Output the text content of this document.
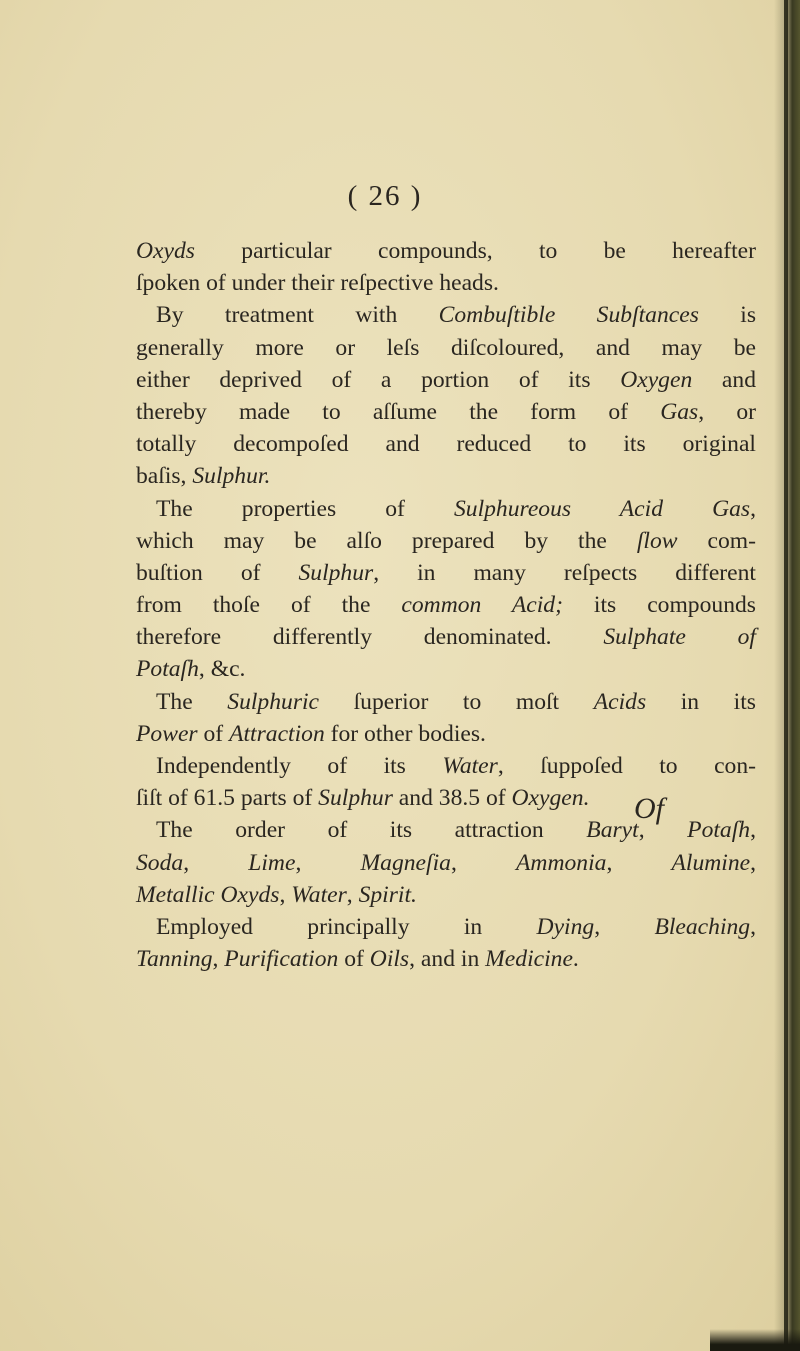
( 26 )
Oxyds particular compounds, to be hereafter
ſpoken of under their reſpective heads.
By treatment with Combuſtible Subſtances is
generally more or leſs diſcoloured, and may be
either deprived of a portion of its Oxygen and
thereby made to aſſume the form of Gas, or
totally decompoſed and reduced to its original
baſis, Sulphur.
The properties of Sulphureous Acid Gas,
which may be alſo prepared by the ſlow com-
buſtion of Sulphur, in many reſpects different
from thoſe of the common Acid; its compounds
therefore differently denominated. Sulphate of
Potaſh, &c.
The Sulphuric ſuperior to moſt Acids in its
Power of Attraction for other bodies.
Independently of its Water, ſuppoſed to con-
ſiſt of 61.5 parts of Sulphur and 38.5 of Oxygen.
The order of its attraction Baryt, Potaſh,
Soda, Lime, Magneſia, Ammonia, Alumine,
Metallic Oxyds, Water, Spirit.
Employed principally in Dying, Bleaching,
Tanning, Purification of Oils, and in Medicine.
Of
